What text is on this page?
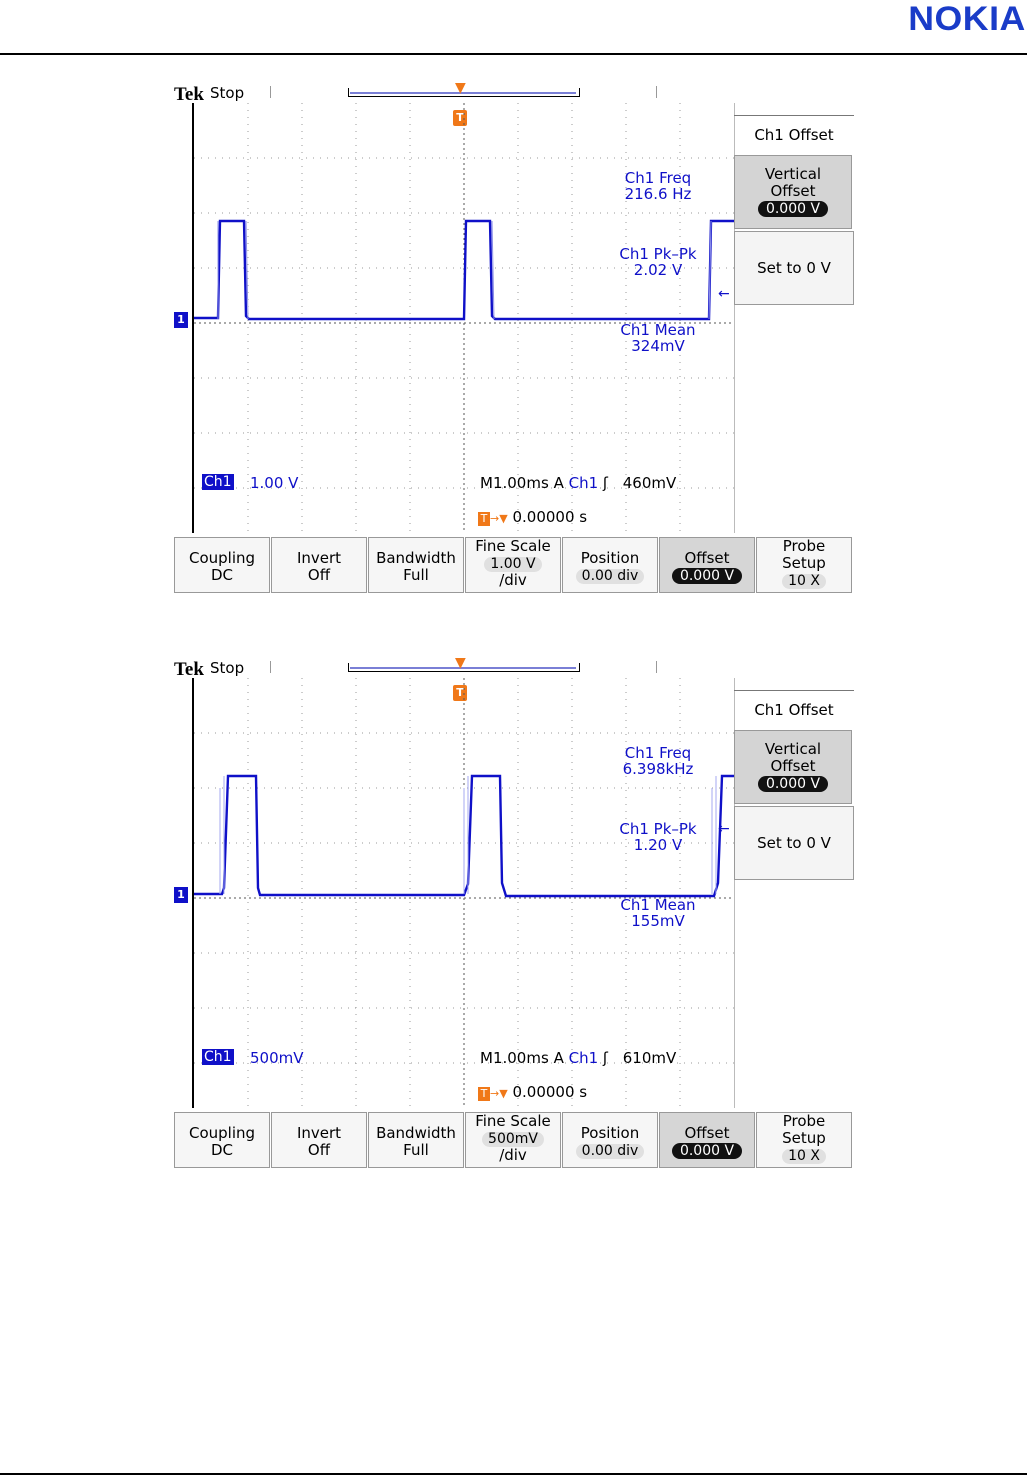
NOKIA
Tek Stop	▼
T
1
Ch1 Freq
216.6 Hz
Ch1 Pk–Pk
2.02 V
←
Ch1 Mean
324mV
Ch1 1.00 V	M1.00ms A Ch1 ʃ 460mV
T →▼ 0.00000 s
Ch1 Offset
Vertical Offset
0.000 V
Set to 0 V
Coupling
DC
Invert
Off
Bandwidth
Full
Fine Scale
1.00 V
/div
Position
0.00 div
Offset
0.000 V
Probe Setup
10 X
Tek Stop	▼
T
1
Ch1 Freq
6.398kHz
Ch1 Pk–Pk
1.20 V
←
Ch1 Mean
155mV
Ch1 500mV	M1.00ms A Ch1 ʃ 610mV
T →▼ 0.00000 s
Ch1 Offset
Vertical Offset
0.000 V
Set to 0 V
Coupling
DC
Invert
Off
Bandwidth
Full
Fine Scale
500mV
/div
Position
0.00 div
Offset
0.000 V
Probe Setup
10 X
